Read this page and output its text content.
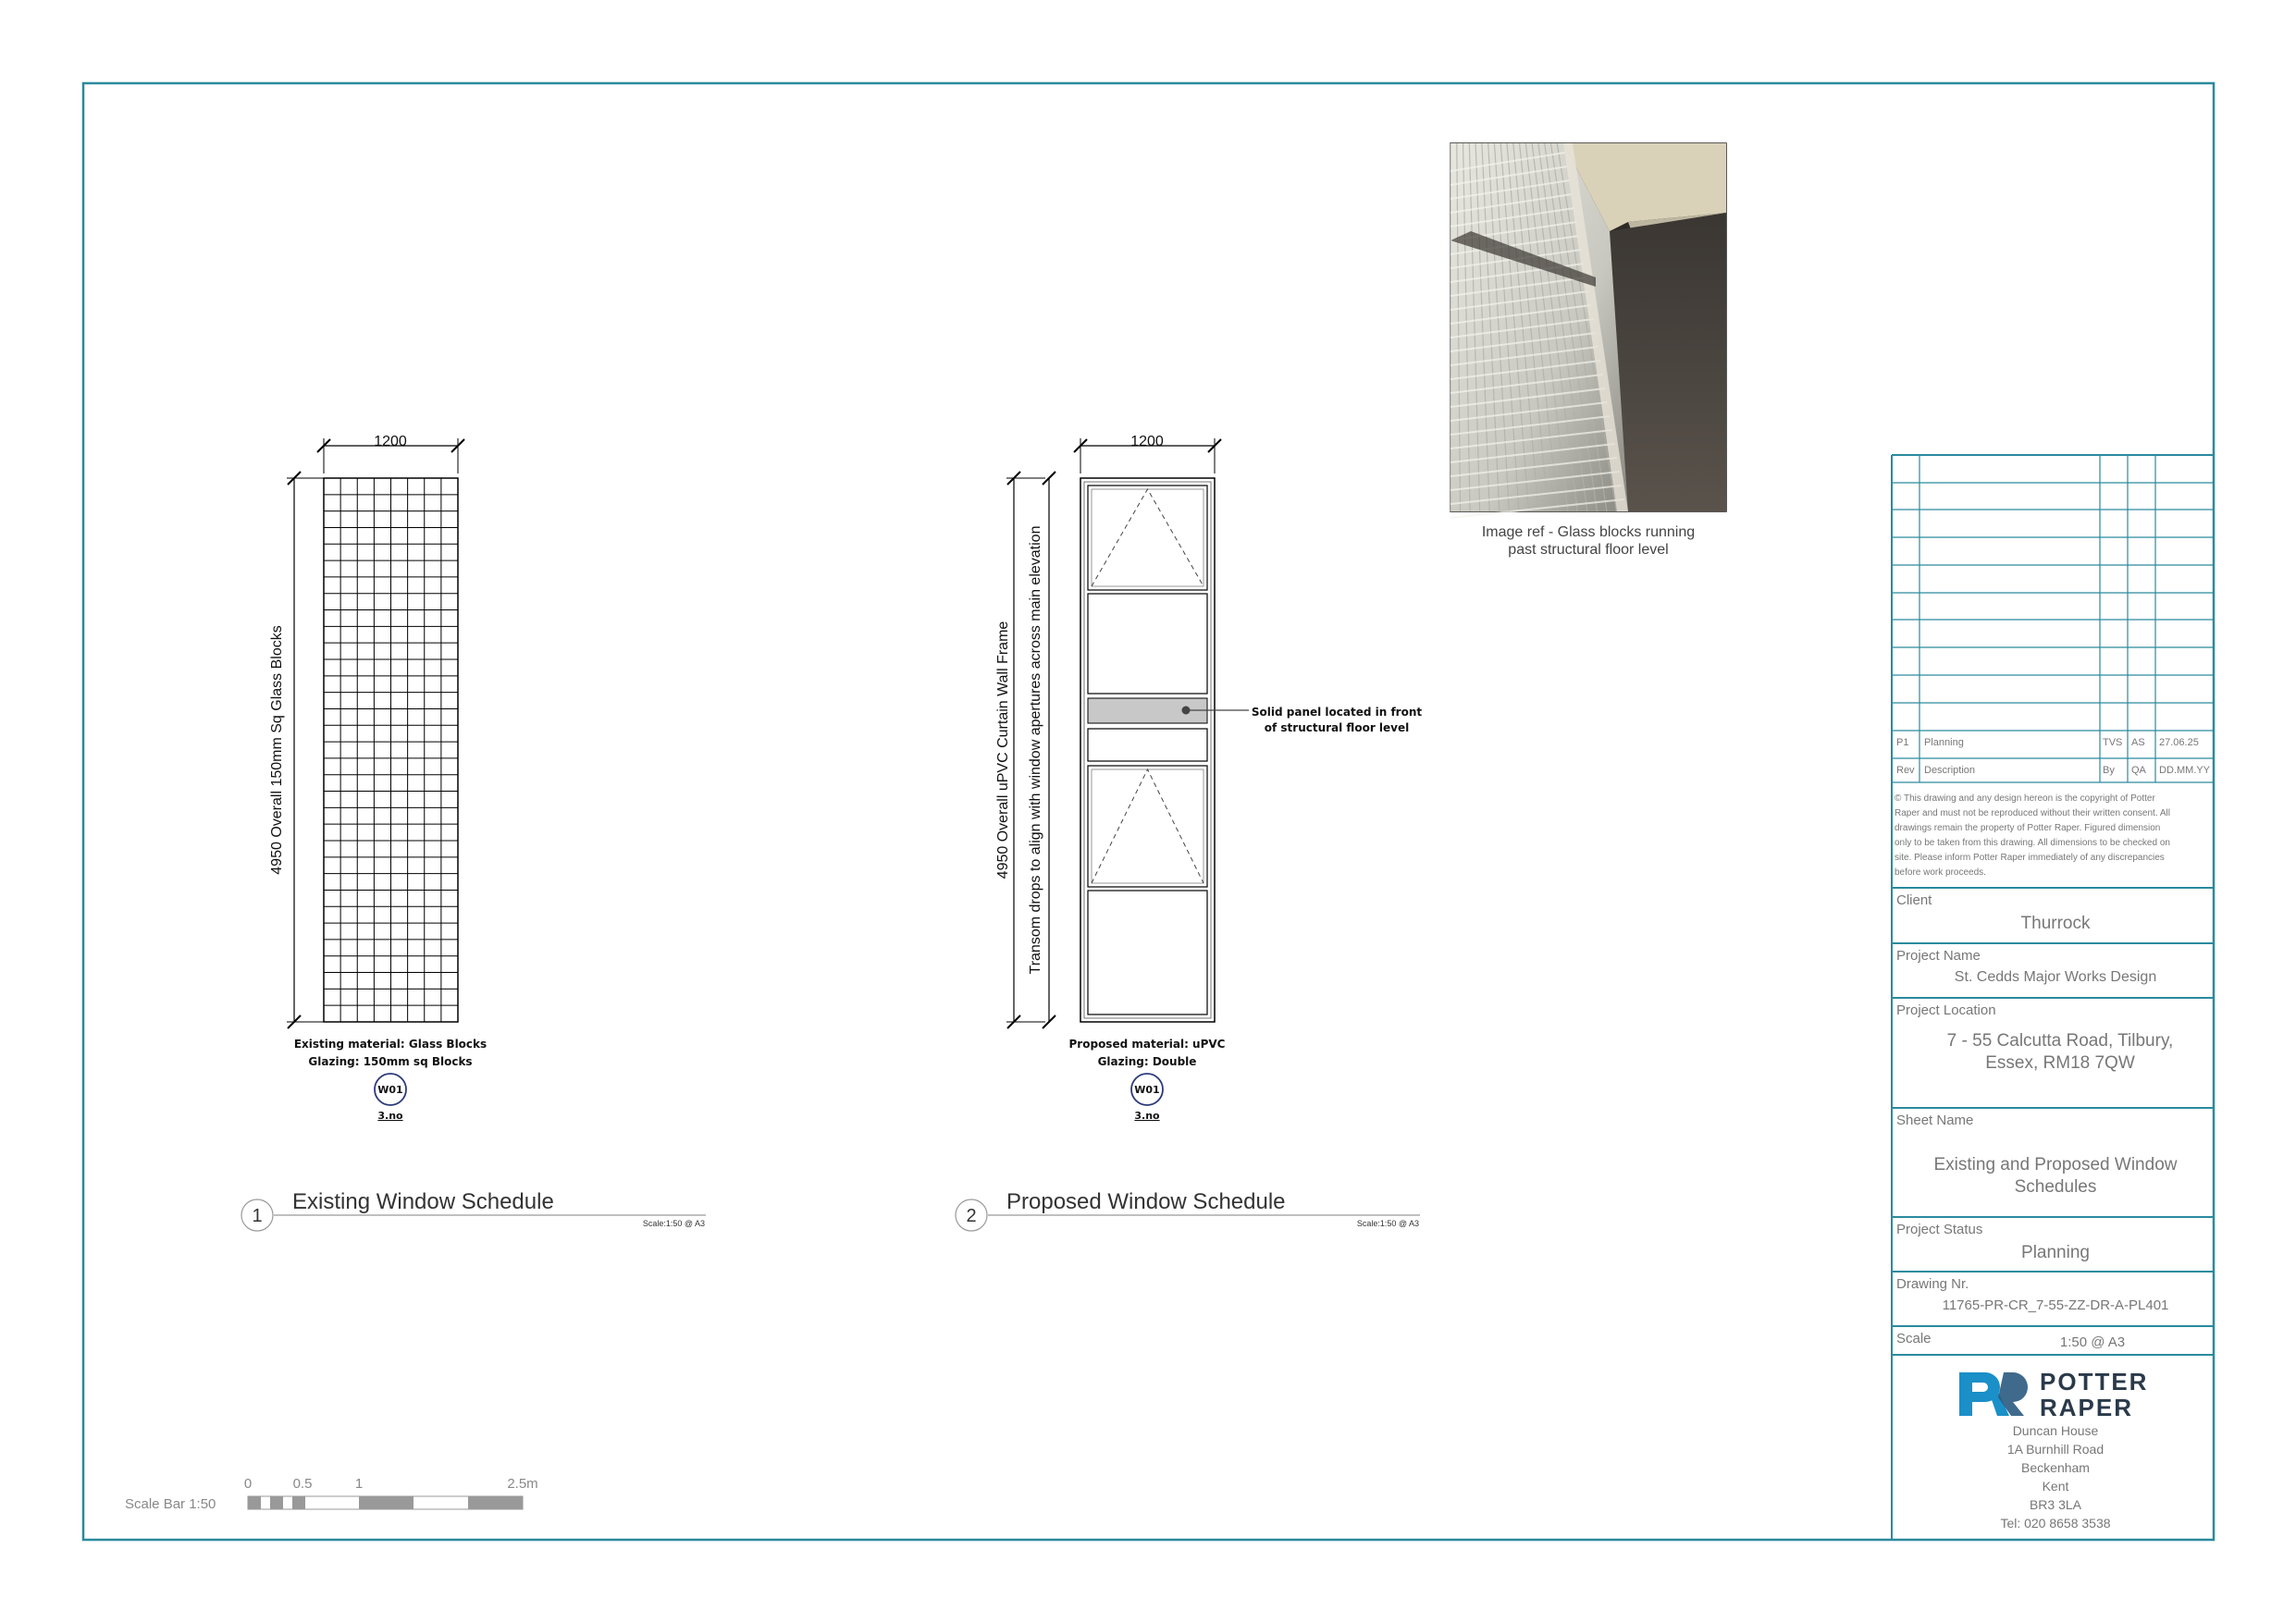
1200
4950 Overall 150mm Sq Glass Blocks
Existing material: Glass Blocks
Glazing: 150mm sq Blocks
W01
3.no
1
Existing Window Schedule
Scale:1:50 @ A3
Solid panel located in front
of structural floor level
1200
4950 Overall uPVC Curtain Wall Frame Transom drops to align with window apertures across main elevation
Proposed material: uPVC
Glazing: Double
W01
3.no
2
Proposed Window Schedule
Scale:1:50 @ A3
Image ref - Glass blocks running
past structural floor level
Scale Bar 1:50
0	0.5	1	2.5m
P1 Planning	TVS AS 27.06.25
Rev Description	By QA DD.MM.YY
© This drawing and any design hereon is the copyright of Potter
Raper and must not be reproduced without their written consent. All
drawings remain the property of Potter Raper. Figured dimension
only to be taken from this drawing. All dimensions to be checked on
site. Please inform Potter Raper immediately of any discrepancies
before work proceeds.
Client
Thurrock
Project Name
St. Cedds Major Works Design
Project Location
7 - 55 Calcutta Road, Tilbury,
Essex, RM18 7QW
Sheet Name
Existing and Proposed Window
Schedules
Project Status
Planning
Drawing Nr.
11765-PR-CR_7-55-ZZ-DR-A-PL401
Scale	1:50 @ A3
POTTER
RAPER
Duncan House
1A Burnhill Road
Beckenham
Kent
BR3 3LA
Tel: 020 8658 3538
